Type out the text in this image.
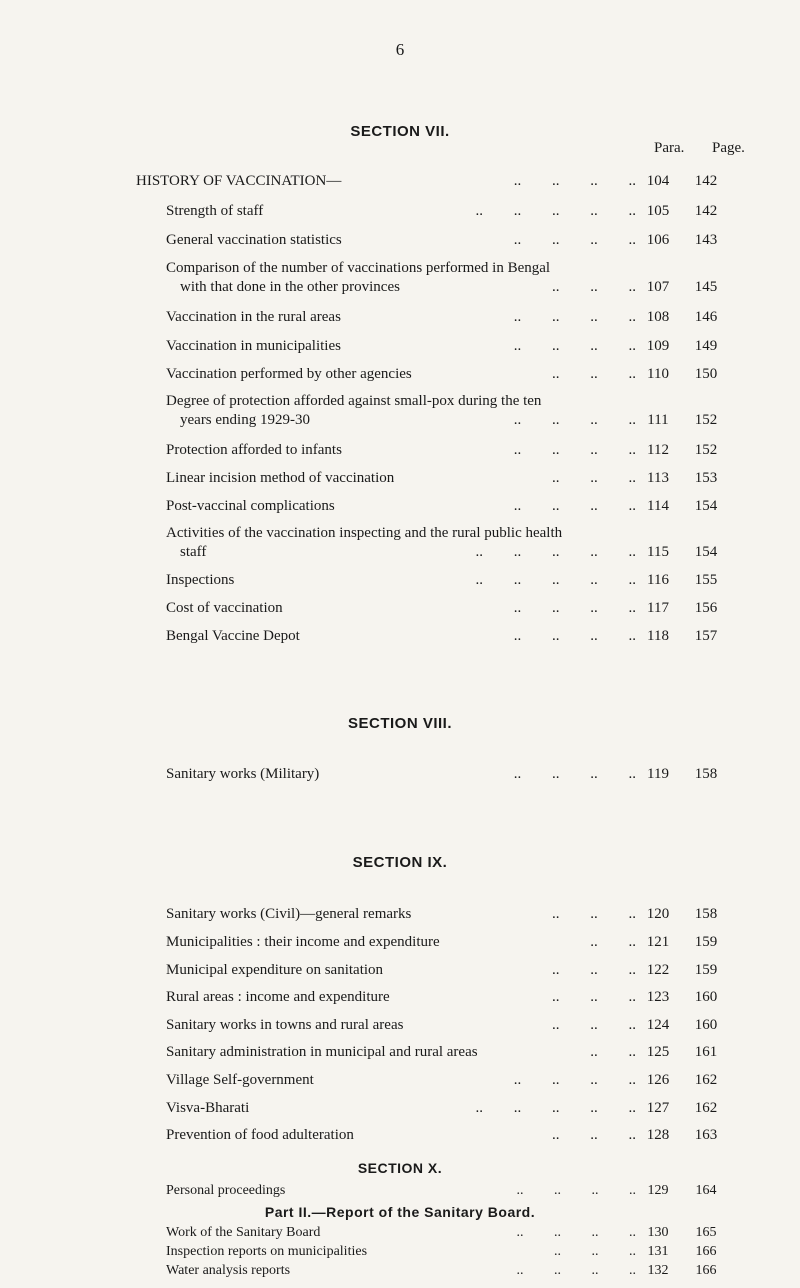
6
SECTION VII.
Para. Page.
HISTORY OF VACCINATION—	.. .. .. .. 104	142
Strength of staff	.. .. .. .. .. 105	142
General vaccination statistics	.. .. .. .. 106	143
Comparison of the number of vaccinations performed in Bengal
with that done in the other provinces	.. .. .. 107	145
Vaccination in the rural areas	.. .. .. .. 108	146
Vaccination in municipalities	.. .. .. .. 109	149
Vaccination performed by other agencies	.. .. .. 110	150
Degree of protection afforded against small-pox during the ten
years ending 1929-30	.. .. .. .. 111	152
Protection afforded to infants	.. .. .. .. 112	152
Linear incision method of vaccination	.. .. .. 113	153
Post-vaccinal complications	.. .. .. .. 114	154
Activities of the vaccination inspecting and the rural public health
staff	.. .. .. .. .. 115	154
Inspections	.. .. .. .. .. 116	155
Cost of vaccination	.. .. .. .. 117	156
Bengal Vaccine Depot	.. .. .. .. 118	157
SECTION VIII.
Sanitary works (Military)	.. .. .. .. 119	158
SECTION IX.
Sanitary works (Civil)—general remarks	.. .. .. 120	158
Municipalities : their income and expenditure	.. .. 121	159
Municipal expenditure on sanitation	.. .. .. 122	159
Rural areas : income and expenditure	.. .. .. 123	160
Sanitary works in towns and rural areas	.. .. .. 124	160
Sanitary administration in municipal and rural areas	.. .. 125	161
Village Self-government	.. .. .. .. 126	162
Visva-Bharati	.. .. .. .. .. 127	162
Prevention of food adulteration	.. .. .. 128	163
SECTION X.
Personal proceedings	.. .. .. .. 129	164
Part II.—Report of the Sanitary Board.
Work of the Sanitary Board	.. .. .. .. 130	165
Inspection reports on municipalities	.. .. .. 131	166
Water analysis reports	.. .. .. .. 132	166
